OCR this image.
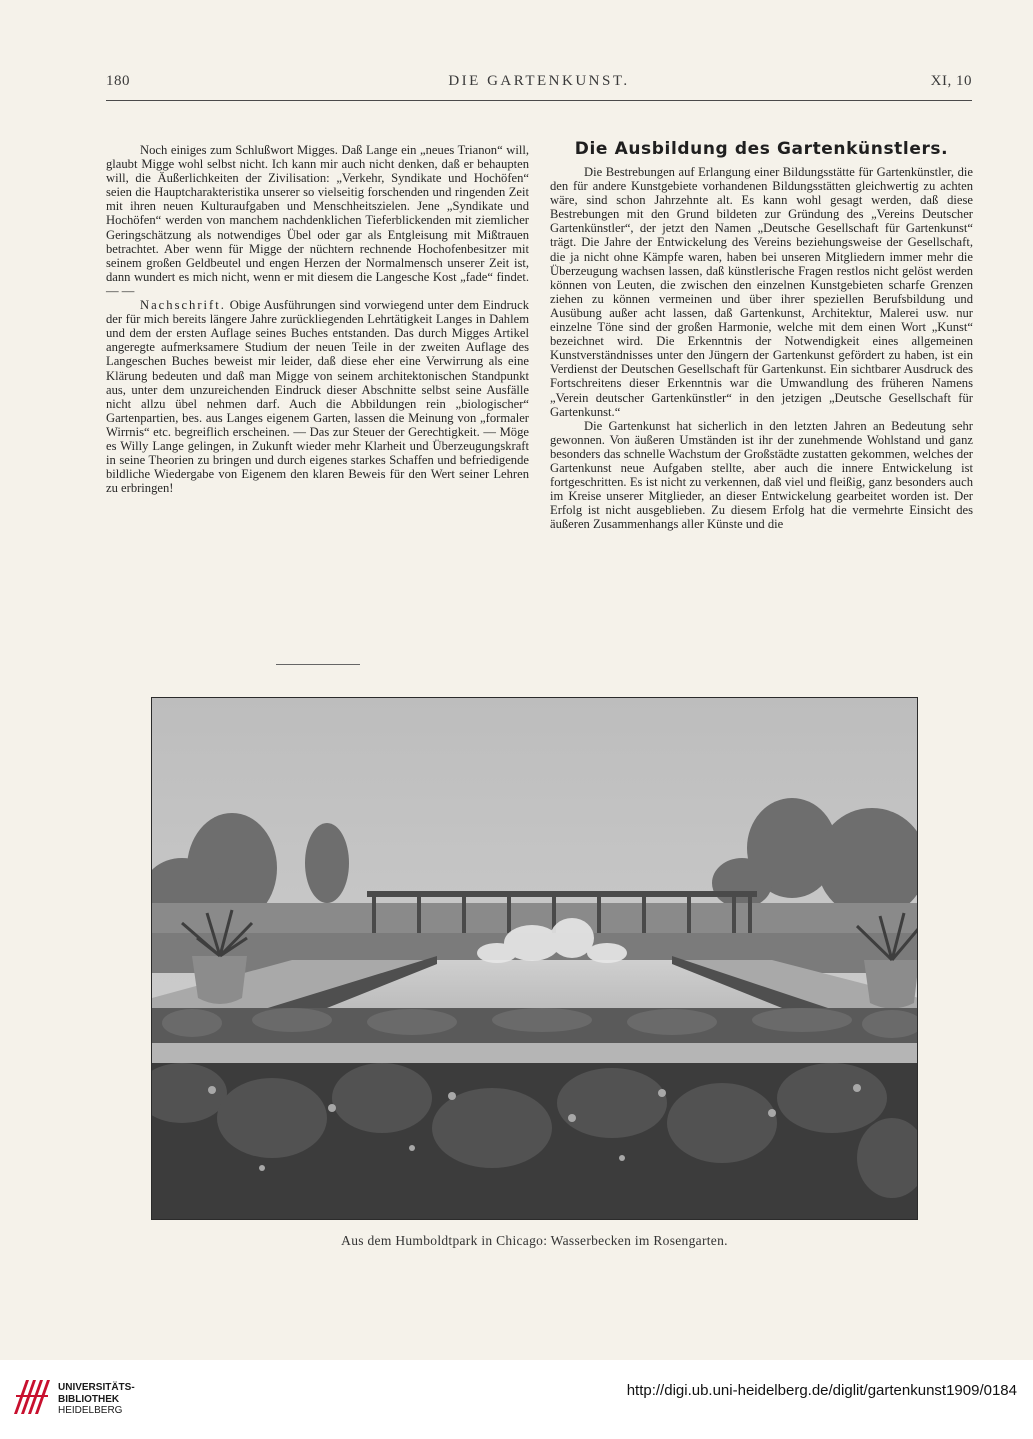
180	DIE GARTENKUNST.	XI, 10

Noch einiges zum Schlußwort Migges. Daß Lange ein „neues Trianon“ will, glaubt Migge wohl selbst nicht. Ich kann mir auch nicht denken, daß er behaupten will, die Äußerlichkeiten der Zivilisation: „Verkehr, Syndikate und Hochöfen“ seien die Hauptcharakteristika unserer so vielseitig forschenden und ringenden Zeit mit ihren neuen Kulturaufgaben und Menschheitszielen. Jene „Syndikate und Hochöfen“ werden von manchem nachdenklichen Tieferblickenden mit ziemlicher Geringschätzung als notwendiges Übel oder gar als Entgleisung mit Mißtrauen betrachtet. Aber wenn für Migge der nüchtern rechnende Hochofenbesitzer mit seinem großen Geldbeutel und engen Herzen der Normalmensch unserer Zeit ist, dann wundert es mich nicht, wenn er mit diesem die Langesche Kost „fade“ findet. — —

Nachschrift. Obige Ausführungen sind vorwiegend unter dem Eindruck der für mich bereits längere Jahre zurückliegenden Lehrtätigkeit Langes in Dahlem und dem der ersten Auflage seines Buches entstanden. Das durch Migges Artikel angeregte aufmerksamere Studium der neuen Teile in der zweiten Auflage des Langeschen Buches beweist mir leider, daß diese eher eine Verwirrung als eine Klärung bedeuten und daß man Migge von seinem architektonischen Standpunkt aus, unter dem unzureichenden Eindruck dieser Abschnitte selbst seine Ausfälle nicht allzu übel nehmen darf. Auch die Abbildungen rein „biologischer“ Gartenpartien, bes. aus Langes eigenem Garten, lassen die Meinung von „formaler Wirrnis“ etc. begreiflich erscheinen. — Das zur Steuer der Gerechtigkeit. — Möge es Willy Lange gelingen, in Zukunft wieder mehr Klarheit und Überzeugungskraft in seine Theorien zu bringen und durch eigenes starkes Schaffen und befriedigende bildliche Wiedergabe von Eigenem den klaren Beweis für den Wert seiner Lehren zu erbringen!

Die Ausbildung des Gartenkünstlers.

Die Bestrebungen auf Erlangung einer Bildungsstätte für Gartenkünstler, die den für andere Kunstgebiete vorhandenen Bildungsstätten gleichwertig zu achten wäre, sind schon Jahrzehnte alt. Es kann wohl gesagt werden, daß diese Bestrebungen mit den Grund bildeten zur Gründung des „Vereins Deutscher Gartenkünstler“, der jetzt den Namen „Deutsche Gesellschaft für Gartenkunst“ trägt. Die Jahre der Entwickelung des Vereins beziehungsweise der Gesellschaft, die ja nicht ohne Kämpfe waren, haben bei unseren Mitgliedern immer mehr die Überzeugung wachsen lassen, daß künstlerische Fragen restlos nicht gelöst werden können von Leuten, die zwischen den einzelnen Kunstgebieten scharfe Grenzen ziehen zu können vermeinen und über ihrer speziellen Berufsbildung und Ausübung außer acht lassen, daß Gartenkunst, Architektur, Malerei usw. nur einzelne Töne sind der großen Harmonie, welche mit dem einen Wort „Kunst“ bezeichnet wird. Die Erkenntnis der Notwendigkeit eines allgemeinen Kunstverständnisses unter den Jüngern der Gartenkunst gefördert zu haben, ist ein Verdienst der Deutschen Gesellschaft für Gartenkunst. Ein sichtbarer Ausdruck des Fortschreitens dieser Erkenntnis war die Umwandlung des früheren Namens „Verein deutscher Gartenkünstler“ in den jetzigen „Deutsche Gesellschaft für Gartenkunst.“

Die Gartenkunst hat sicherlich in den letzten Jahren an Bedeutung sehr gewonnen. Von äußeren Umständen ist ihr der zunehmende Wohlstand und ganz besonders das schnelle Wachstum der Großstädte zustatten gekommen, welches der Gartenkunst neue Aufgaben stellte, aber auch die innere Entwickelung ist fortgeschritten. Es ist nicht zu verkennen, daß viel und fleißig, ganz besonders auch im Kreise unserer Mitglieder, an dieser Entwickelung gearbeitet worden ist. Der Erfolg ist nicht ausgeblieben. Zu diesem Erfolg hat die vermehrte Einsicht des äußeren Zusammenhangs aller Künste und die

Aus dem Humboldtpark in Chicago: Wasserbecken im Rosengarten.
UNIVERSITÄTS-
BIBLIOTHEK
HEIDELBERG
http://digi.ub.uni-heidelberg.de/diglit/gartenkunst1909/0184
